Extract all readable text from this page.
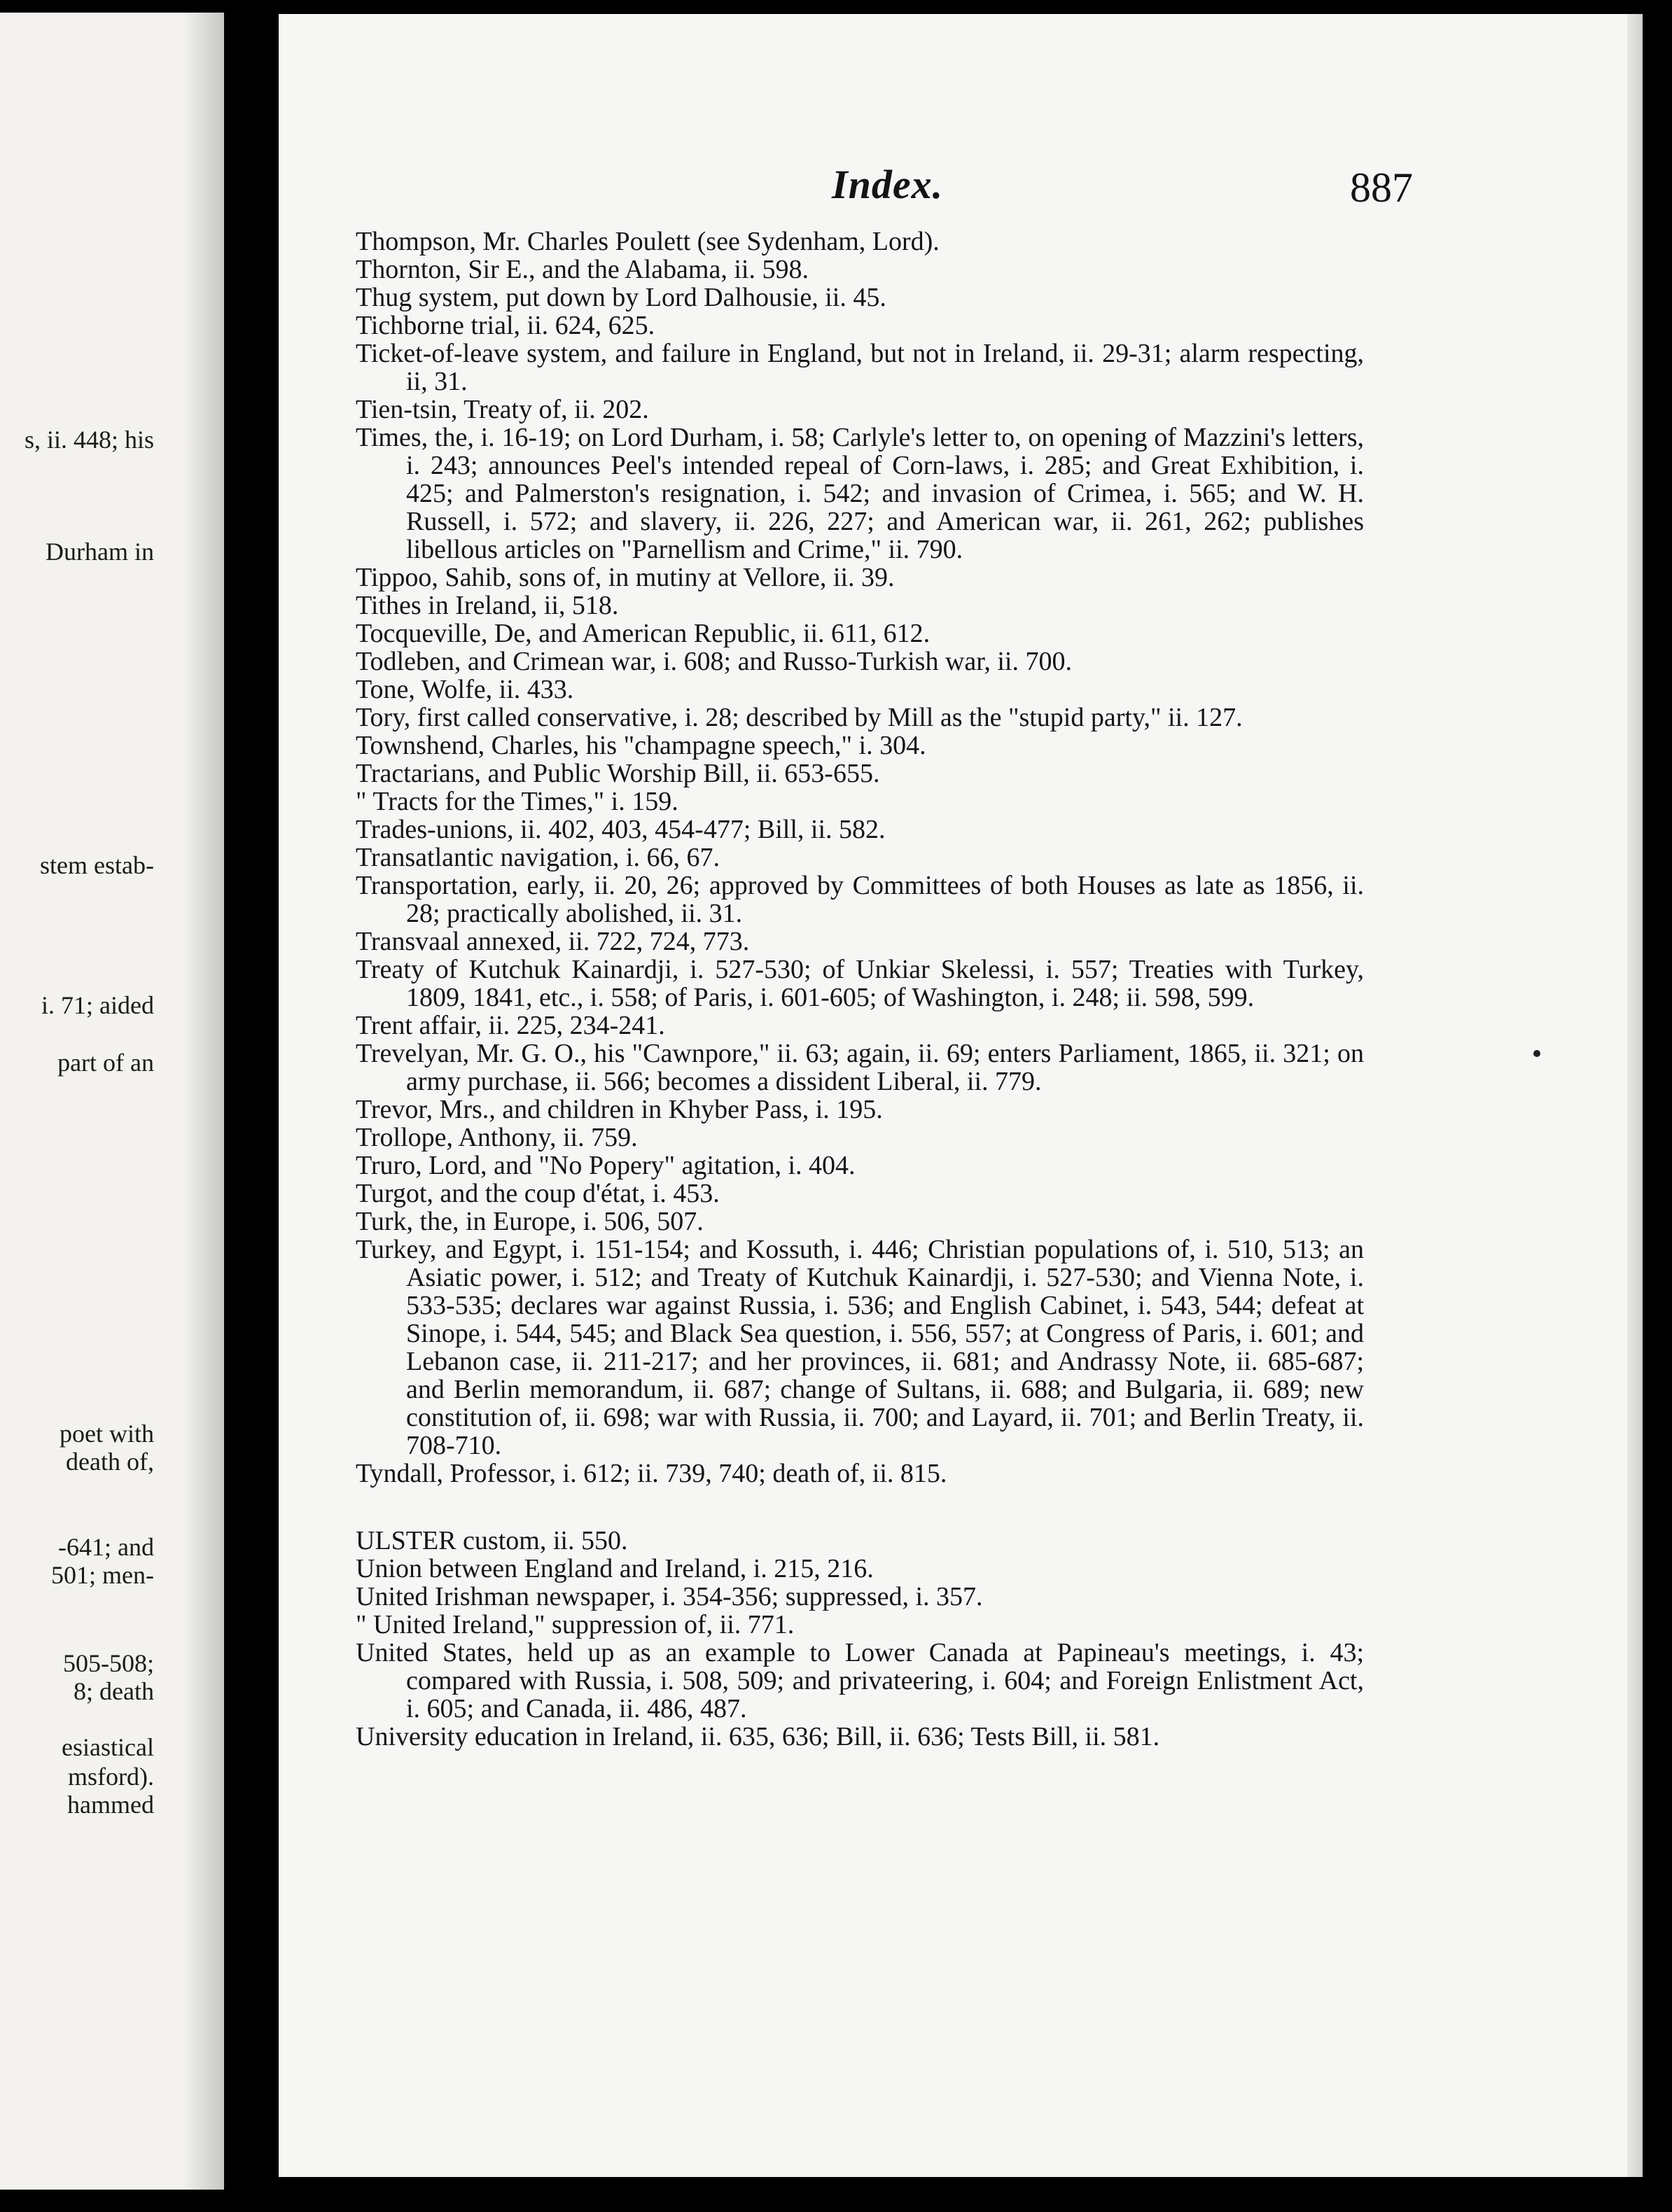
s, ii. 448; his
Durham in
stem estab-
i. 71; aided
part of an
poet with
death of,
-641; and
501; men-
505-508;
8; death
esiastical
msford).
hammed
Index.	887
Thompson, Mr. Charles Poulett (see Sydenham, Lord).
Thornton, Sir E., and the Alabama, ii. 598.
Thug system, put down by Lord Dalhousie, ii. 45.
Tichborne trial, ii. 624, 625.
Ticket-of-leave system, and failure in England, but not in Ireland, ii. 29-31; alarm respecting, ii, 31.
Tien-tsin, Treaty of, ii. 202.
Times, the, i. 16-19; on Lord Durham, i. 58; Carlyle's letter to, on opening of Mazzini's letters, i. 243; announces Peel's intended repeal of Corn-laws, i. 285; and Great Exhibition, i. 425; and Palmerston's resignation, i. 542; and invasion of Crimea, i. 565; and W. H. Russell, i. 572; and slavery, ii. 226, 227; and American war, ii. 261, 262; publishes libellous articles on "Parnellism and Crime," ii. 790.
Tippoo, Sahib, sons of, in mutiny at Vellore, ii. 39.
Tithes in Ireland, ii, 518.
Tocqueville, De, and American Republic, ii. 611, 612.
Todleben, and Crimean war, i. 608; and Russo-Turkish war, ii. 700.
Tone, Wolfe, ii. 433.
Tory, first called conservative, i. 28; described by Mill as the "stupid party," ii. 127.
Townshend, Charles, his "champagne speech," i. 304.
Tractarians, and Public Worship Bill, ii. 653-655.
" Tracts for the Times," i. 159.
Trades-unions, ii. 402, 403, 454-477; Bill, ii. 582.
Transatlantic navigation, i. 66, 67.
Transportation, early, ii. 20, 26; approved by Committees of both Houses as late as 1856, ii. 28; practically abolished, ii. 31.
Transvaal annexed, ii. 722, 724, 773.
Treaty of Kutchuk Kainardji, i. 527-530; of Unkiar Skelessi, i. 557; Treaties with Turkey, 1809, 1841, etc., i. 558; of Paris, i. 601-605; of Washington, i. 248; ii. 598, 599.
Trent affair, ii. 225, 234-241.
Trevelyan, Mr. G. O., his "Cawnpore," ii. 63; again, ii. 69; enters Parliament, 1865, ii. 321; on army purchase, ii. 566; becomes a dissident Liberal, ii. 779.
Trevor, Mrs., and children in Khyber Pass, i. 195.
Trollope, Anthony, ii. 759.
Truro, Lord, and "No Popery" agitation, i. 404.
Turgot, and the coup d'état, i. 453.
Turk, the, in Europe, i. 506, 507.
Turkey, and Egypt, i. 151-154; and Kossuth, i. 446; Christian populations of, i. 510, 513; an Asiatic power, i. 512; and Treaty of Kutchuk Kainardji, i. 527-530; and Vienna Note, i. 533-535; declares war against Russia, i. 536; and English Cabinet, i. 543, 544; defeat at Sinope, i. 544, 545; and Black Sea question, i. 556, 557; at Congress of Paris, i. 601; and Lebanon case, ii. 211-217; and her provinces, ii. 681; and Andrassy Note, ii. 685-687; and Berlin memorandum, ii. 687; change of Sultans, ii. 688; and Bulgaria, ii. 689; new constitution of, ii. 698; war with Russia, ii. 700; and Layard, ii. 701; and Berlin Treaty, ii. 708-710.
Tyndall, Professor, i. 612; ii. 739, 740; death of, ii. 815.
ULSTER custom, ii. 550.
Union between England and Ireland, i. 215, 216.
United Irishman newspaper, i. 354-356; suppressed, i. 357.
" United Ireland," suppression of, ii. 771.
United States, held up as an example to Lower Canada at Papineau's meetings, i. 43; compared with Russia, i. 508, 509; and privateering, i. 604; and Foreign Enlistment Act, i. 605; and Canada, ii. 486, 487.
University education in Ireland, ii. 635, 636; Bill, ii. 636; Tests Bill, ii. 581.
